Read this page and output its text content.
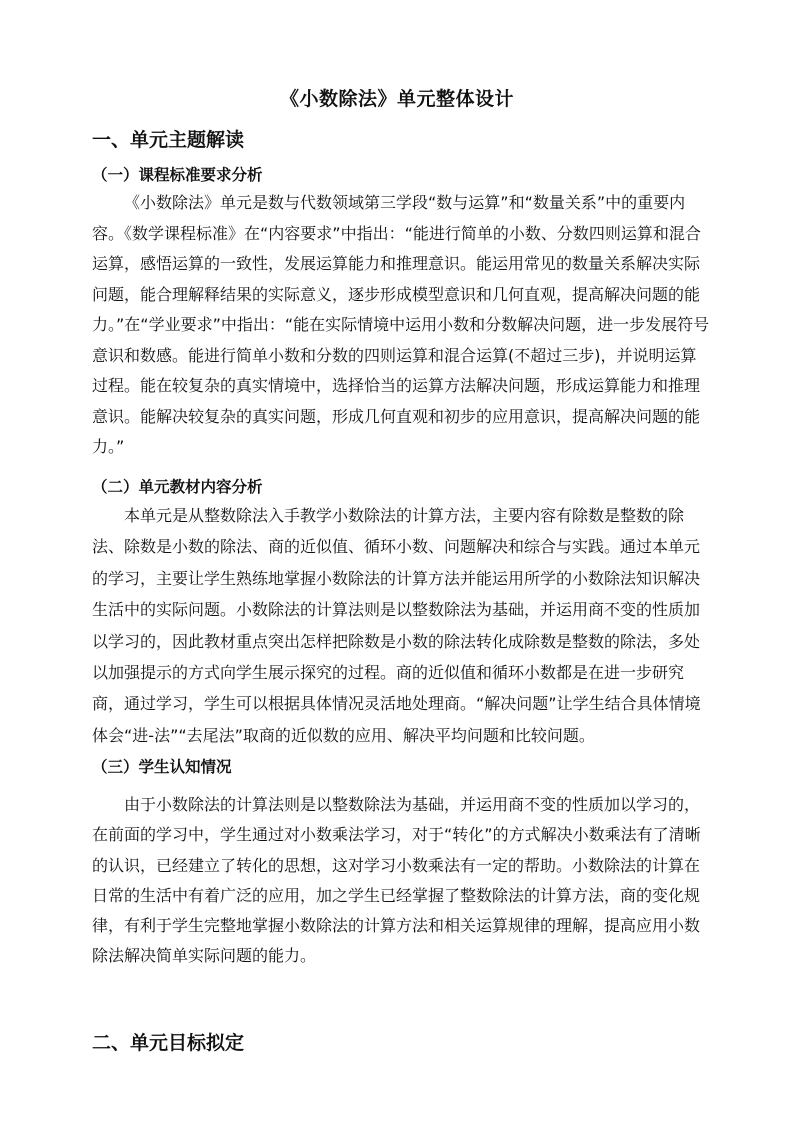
《小数除法》单元整体设计
一、单元主题解读
（一）课程标准要求分析

《小数除法》单元是数与代数领域第三学段“数与运算”和“数量关系”中的重要内容。《数学课程标准》在“内容要求”中指出：“能进行简单的小数、分数四则运算和混合运算，感悟运算的一致性，发展运算能力和推理意识。能运用常见的数量关系解决实际问题，能合理解释结果的实际意义，逐步形成模型意识和几何直观，提高解决问题的能力。”在“学业要求”中指出：“能在实际情境中运用小数和分数解决问题，进一步发展符号意识和数感。能进行简单小数和分数的四则运算和混合运算(不超过三步)，并说明运算过程。能在较复杂的真实情境中，选择恰当的运算方法解决问题，形成运算能力和推理意识。能解决较复杂的真实问题，形成几何直观和初步的应用意识，提高解决问题的能力。”

（二）单元教材内容分析

本单元是从整数除法入手教学小数除法的计算方法，主要内容有除数是整数的除法、除数是小数的除法、商的近似值、循环小数、问题解决和综合与实践。通过本单元的学习，主要让学生熟练地掌握小数除法的计算方法并能运用所学的小数除法知识解决生活中的实际问题。小数除法的计算法则是以整数除法为基础，并运用商不变的性质加以学习的，因此教材重点突出怎样把除数是小数的除法转化成除数是整数的除法，多处以加强提示的方式向学生展示探究的过程。商的近似值和循环小数都是在进一步研究商，通过学习，学生可以根据具体情况灵活地处理商。“解决问题”让学生结合具体情境体会“进-法”“去尾法”取商的近似数的应用、解决平均问题和比较问题。

（三）学生认知情况

由于小数除法的计算法则是以整数除法为基础，并运用商不变的性质加以学习的，在前面的学习中，学生通过对小数乘法学习，对于“转化”的方式解决小数乘法有了清晰的认识，已经建立了转化的思想，这对学习小数乘法有一定的帮助。小数除法的计算在日常的生活中有着广泛的应用，加之学生已经掌握了整数除法的计算方法，商的变化规律，有利于学生完整地掌握小数除法的计算方法和相关运算规律的理解，提高应用小数除法解决简单实际问题的能力。

二、单元目标拟定
